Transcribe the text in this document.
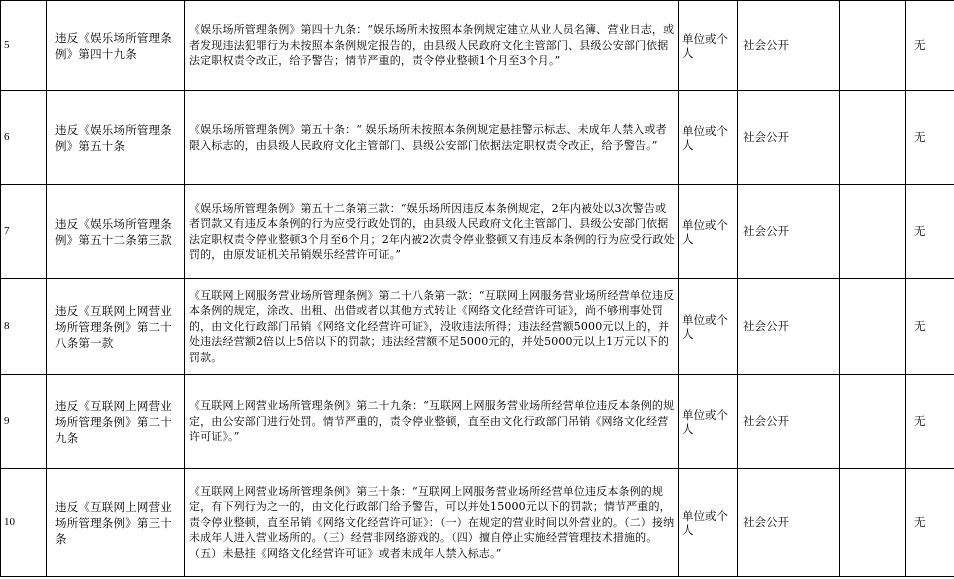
5	违反《娱乐场所管理条例》第四十九条	《娱乐场所管理条例》第四十九条：“娱乐场所未按照本条例规定建立从业人员名簿、营业日志，或者发现违法犯罪行为未按照本条例规定报告的，由县级人民政府文化主管部门、县级公安部门依据法定职权责令改正，给予警告；情节严重的，责令停业整顿1个月至3个月。”	单位或个人	社会公开		无	
6	违反《娱乐场所管理条例》第五十条	《娱乐场所管理条例》第五十条：“ 娱乐场所未按照本条例规定悬挂警示标志、未成年人禁入或者限入标志的，由县级人民政府文化主管部门、县级公安部门依据法定职权责令改正，给予警告。”	单位或个人	社会公开		无	
7	违反《娱乐场所管理条例》第五十二条第三款	《娱乐场所管理条例》第五十二条第三款：“娱乐场所因违反本条例规定，2年内被处以3次警告或者罚款又有违反本条例的行为应受行政处罚的，由县级人民政府文化主管部门、县级公安部门依据法定职权责令停业整顿3个月至6个月；2年内被2次责令停业整顿又有违反本条例的行为应受行政处罚的，由原发证机关吊销娱乐经营许可证。”	单位或个人	社会公开		无	
8	违反《互联网上网营业场所管理条例》第二十八条第一款	《互联网上网服务营业场所管理条例》第二十八条第一款：“互联网上网服务营业场所经营单位违反本条例的规定，涂改、出租、出借或者以其他方式转让《网络文化经营许可证》，尚不够刑事处罚的，由文化行政部门吊销《网络文化经营许可证》，没收违法所得；违法经营额5000元以上的，并处违法经营额2倍以上5倍以下的罚款；违法经营额不足5000元的，并处5000元以上1万元以下的罚款。	单位或个人	社会公开		无	
9	违反《互联网上网营业场所管理条例》第二十九条	《互联网上网营业场所管理条例》第二十九条：“互联网上网服务营业场所经营单位违反本条例的规定，由公安部门进行处罚。情节严重的，责令停业整顿，直至由文化行政部门吊销《网络文化经营许可证》。”	单位或个人	社会公开		无	
10	违反《互联网上网营业场所管理条例》第三十条	《互联网上网营业场所管理条例》第三十条：“互联网上网服务营业场所经营单位违反本条例的规定，有下列行为之一的，由文化行政部门给予警告，可以并处15000元以下的罚款；情节严重的，责令停业整顿，直至吊销《网络文化经营许可证》：（一）在规定的营业时间以外营业的。（二）接纳未成年人进入营业场所的。（三）经营非网络游戏的。（四）擅自停止实施经营管理技术措施的。（五）未悬挂《网络文化经营许可证》或者未成年人禁入标志。”	单位或个人	社会公开		无	
